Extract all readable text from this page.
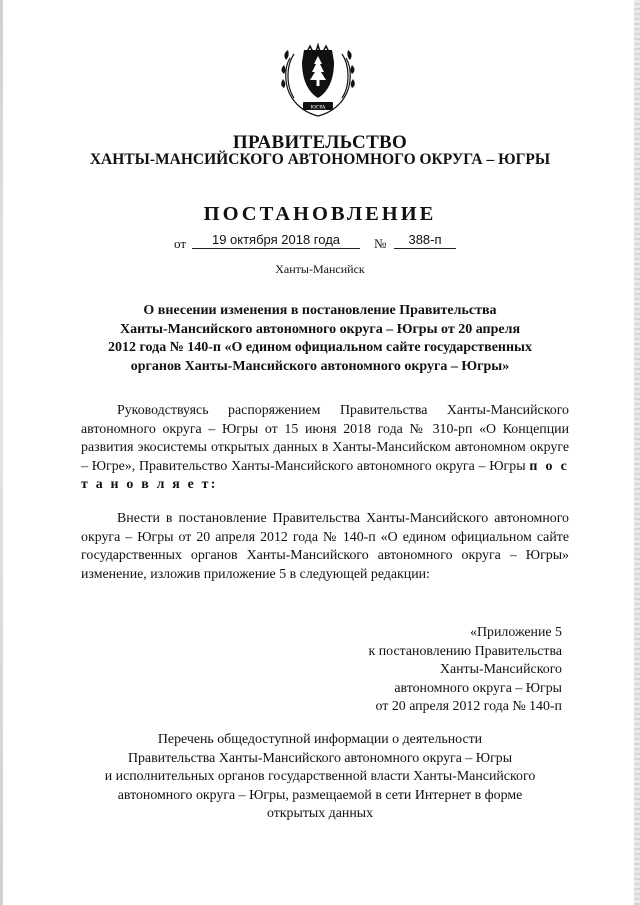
ЮГРА
ПРАВИТЕЛЬСТВО
ХАНТЫ-МАНСИЙСКОГО АВТОНОМНОГО ОКРУГА – ЮГРЫ
ПОСТАНОВЛЕНИЕ
от	19 октября 2018 года	№	388-п
Ханты-Мансийск
О внесении изменения в постановление Правительства
Ханты-Мансийского автономного округа – Югры от 20 апреля
2012 года № 140-п «О едином официальном сайте государственных
органов Ханты-Мансийского автономного округа – Югры»
Руководствуясь распоряжением Правительства Ханты-Мансийского автономного округа – Югры от 15 июня 2018 года № 310-рп «О Концепции развития экосистемы открытых данных в Ханты-Мансийском автономном округе – Югре», Правительство Ханты-Мансийского автономного округа – Югры п о с т а н о в л я е т:
Внести в постановление Правительства Ханты-Мансийского автономного округа – Югры от 20 апреля 2012 года № 140-п «О едином официальном сайте государственных органов Ханты-Мансийского автономного округа – Югры» изменение, изложив приложение 5 в следующей редакции:
«Приложение 5
к постановлению Правительства
Ханты-Мансийского
автономного округа – Югры
от 20 апреля 2012 года № 140-п
Перечень общедоступной информации о деятельности
Правительства Ханты-Мансийского автономного округа – Югры
и исполнительных органов государственной власти Ханты-Мансийского
автономного округа – Югры, размещаемой в сети Интернет в форме
открытых данных
